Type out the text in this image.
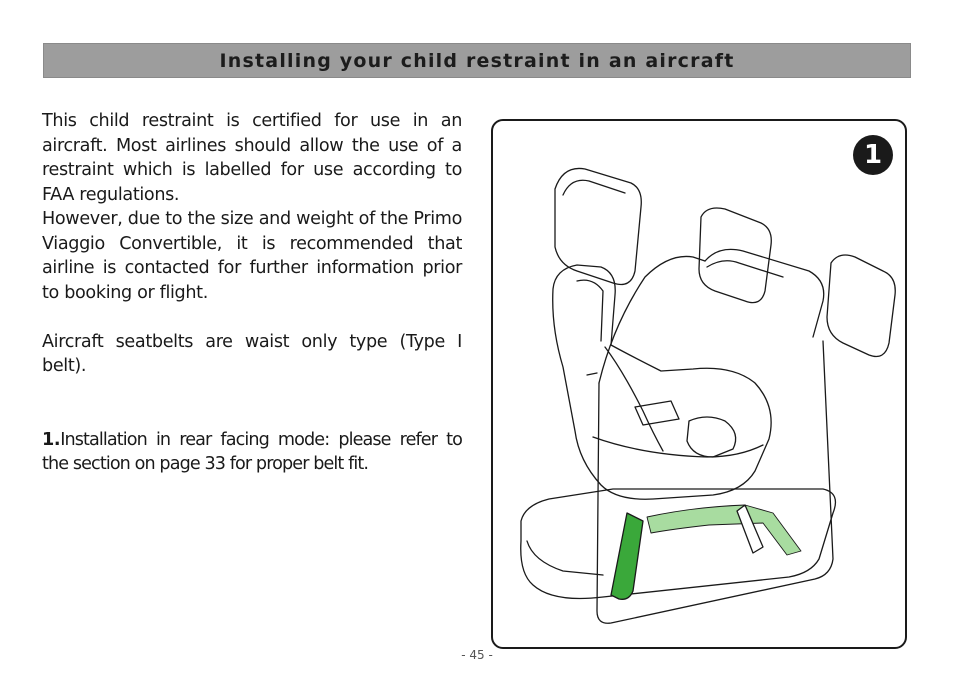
Installing your child restraint in an aircraft

This child restraint is certified for use in an aircraft. Most airlines should allow the use of a restraint which is labelled for use according to FAA regulations.

However, due to the size and weight of the Primo Viaggio Convertible, it is recommended that airline is contacted for further information prior to booking or flight.

Aircraft seatbelts are waist only type (Type I belt).

1.Installation in rear facing mode: please refer to the section on page 33 for proper belt fit.

1
- 45 -
